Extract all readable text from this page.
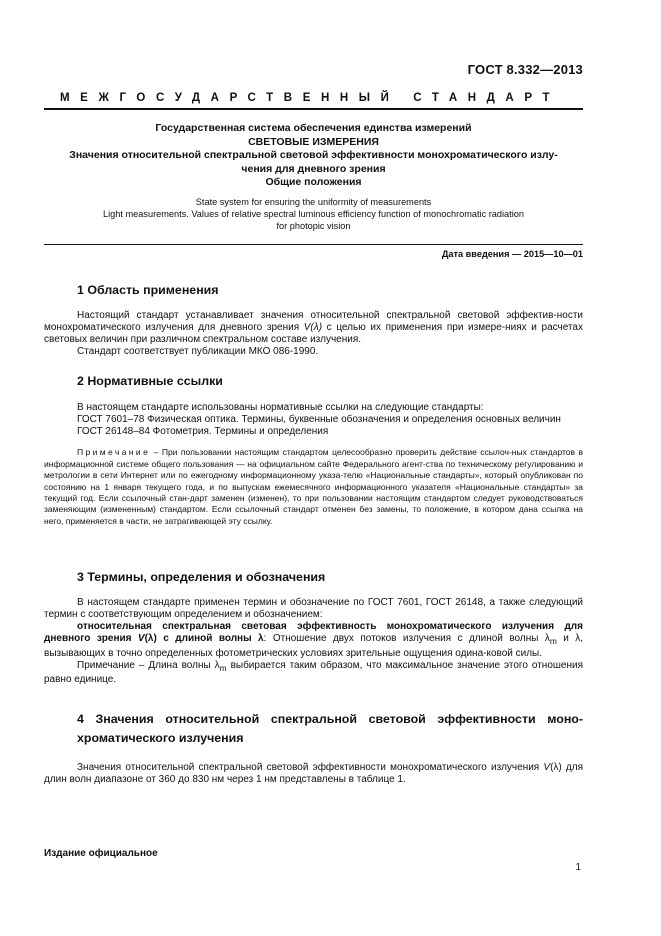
ГОСТ 8.332—2013
МЕЖГОСУДАРСТВЕННЫЙ СТАНДАРТ
Государственная система обеспечения единства измерений
СВЕТОВЫЕ ИЗМЕРЕНИЯ
Значения относительной спектральной световой эффективности монохроматического излу-
чения для дневного зрения
Общие положения
State system for ensuring the uniformity of measurements
Light measurements. Values of relative spectral luminous efficiency function of monochromatic radiation
for photopic vision
Дата введения — 2015—10—01
1 Область применения

Настоящий стандарт устанавливает значения относительной спектральной световой эффектив-ности монохроматического излучения для дневного зрения V(λ) с целью их применения при измере-ниях и расчетах световых величин при различном спектральном составе излучения.

Стандарт соответствует публикации МКО 086-1990.

2 Нормативные ссылки

В настоящем стандарте использованы нормативные ссылки на следующие стандарты:

ГОСТ 7601–78 Физическая оптика. Термины, буквенные обозначения и определения основных величин

ГОСТ 26148–84 Фотометрия. Термины и определения

Примечание – При пользовании настоящим стандартом целесообразно проверить действие ссылоч-ных стандартов в информационной системе общего пользования — на официальном сайте Федерального агент-ства по техническому регулированию и метрологии в сети Интернет или по ежегодному информационному указа-телю «Национальные стандарты», который опубликован по состоянию на 1 января текущего года, и по выпускам ежемесячного информационного указателя «Национальные стандарты» за текущий год. Если ссылочный стан-дарт заменен (изменен), то при пользовании настоящим стандартом следует руководствоваться заменяющим (измененным) стандартом. Если ссылочный стандарт отменен без замены, то положение, в котором дана ссылка на него, применяется в части, не затрагивающей эту ссылку.

3 Термины, определения и обозначения

В настоящем стандарте применен термин и обозначение по ГОСТ 7601, ГОСТ 26148, а также следующий термин с соответствующим определением и обозначением:

относительная спектральная световая эффективность монохроматического излучения для дневного зрения V(λ) с длиной волны λ: Отношение двух потоков излучения с длиной волны $\lambda_m$ и λ, вызывающих в точно определенных фотометрических условиях зрительные ощущения одина-ковой силы.

Примечание – Длина волны $\lambda_m$ выбирается таким образом, что максимальное значение этого отношения равно единице.

4 Значения относительной спектральной световой эффективности моно-хроматического излучения

Значения относительной спектральной световой эффективности монохроматического излучения V(λ) для длин волн диапазоне от 360 до 830 нм через 1 нм представлены в таблице 1.

Издание официальное
1
